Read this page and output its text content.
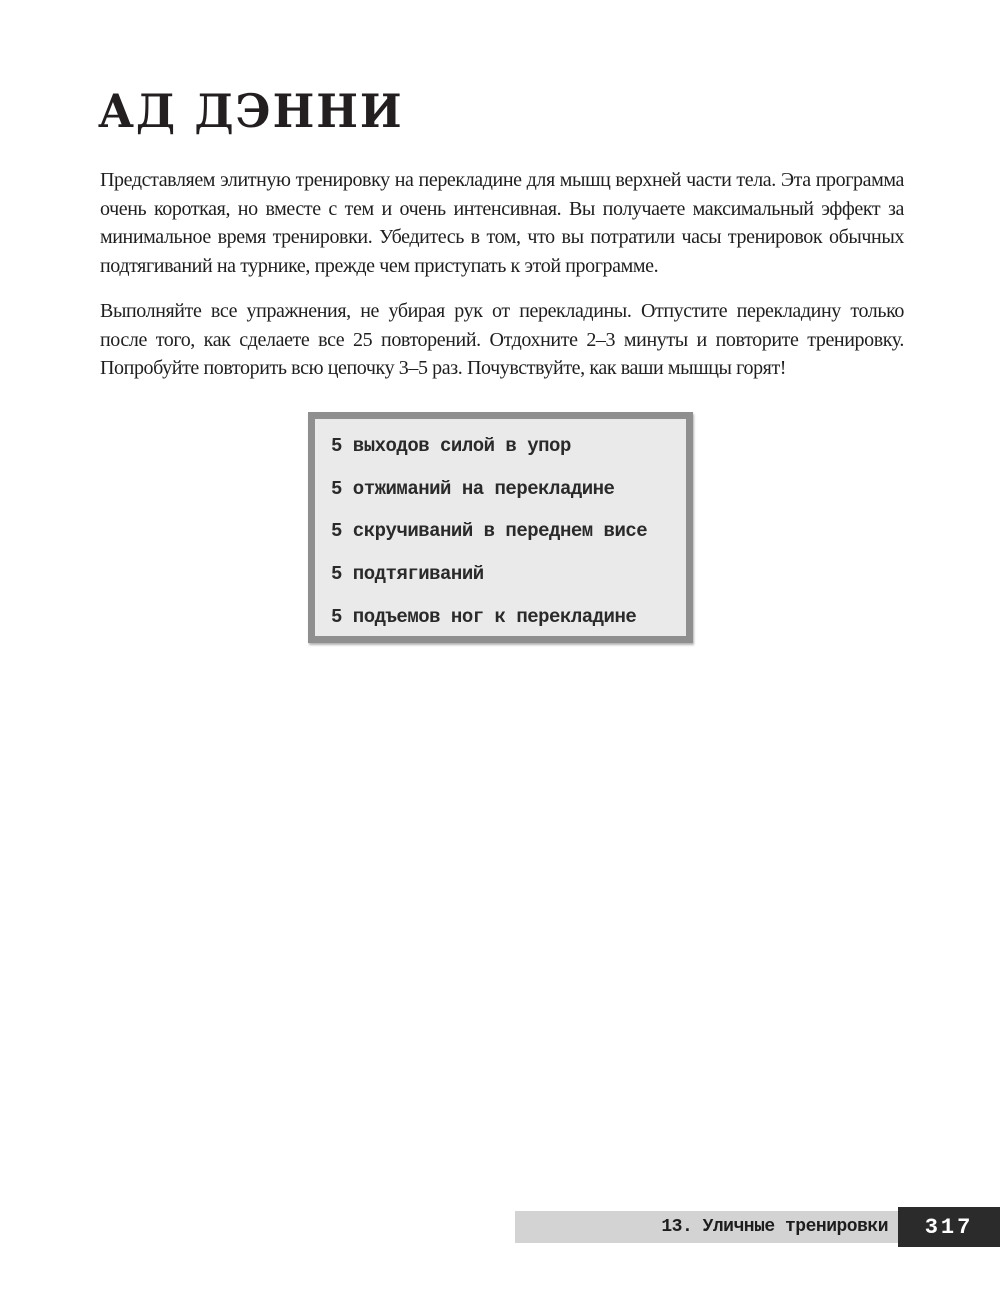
АД ДЭННИ

Представляем элитную тренировку на перекладине для мышц верхней части тела. Эта программа очень короткая, но вместе с тем и очень интенсивная. Вы получаете максимальный эффект за минимальное время тренировки. Убедитесь в том, что вы потратили часы тренировок обычных подтягиваний на турнике, прежде чем приступать к этой программе.

Выполняйте все упражнения, не убирая рук от перекладины. Отпустите перекладину только после того, как сделаете все 25 повторений. Отдохните 2–3 минуты и повторите тренировку. Попробуйте повторить всю цепочку 3–5 раз. Почувствуйте, как ваши мышцы горят!

5 выходов силой в упор
5 отжиманий на перекладине
5 скручиваний в переднем висе
5 подтягиваний
5 подъемов ног к перекладине
13. Уличные тренировки	317
